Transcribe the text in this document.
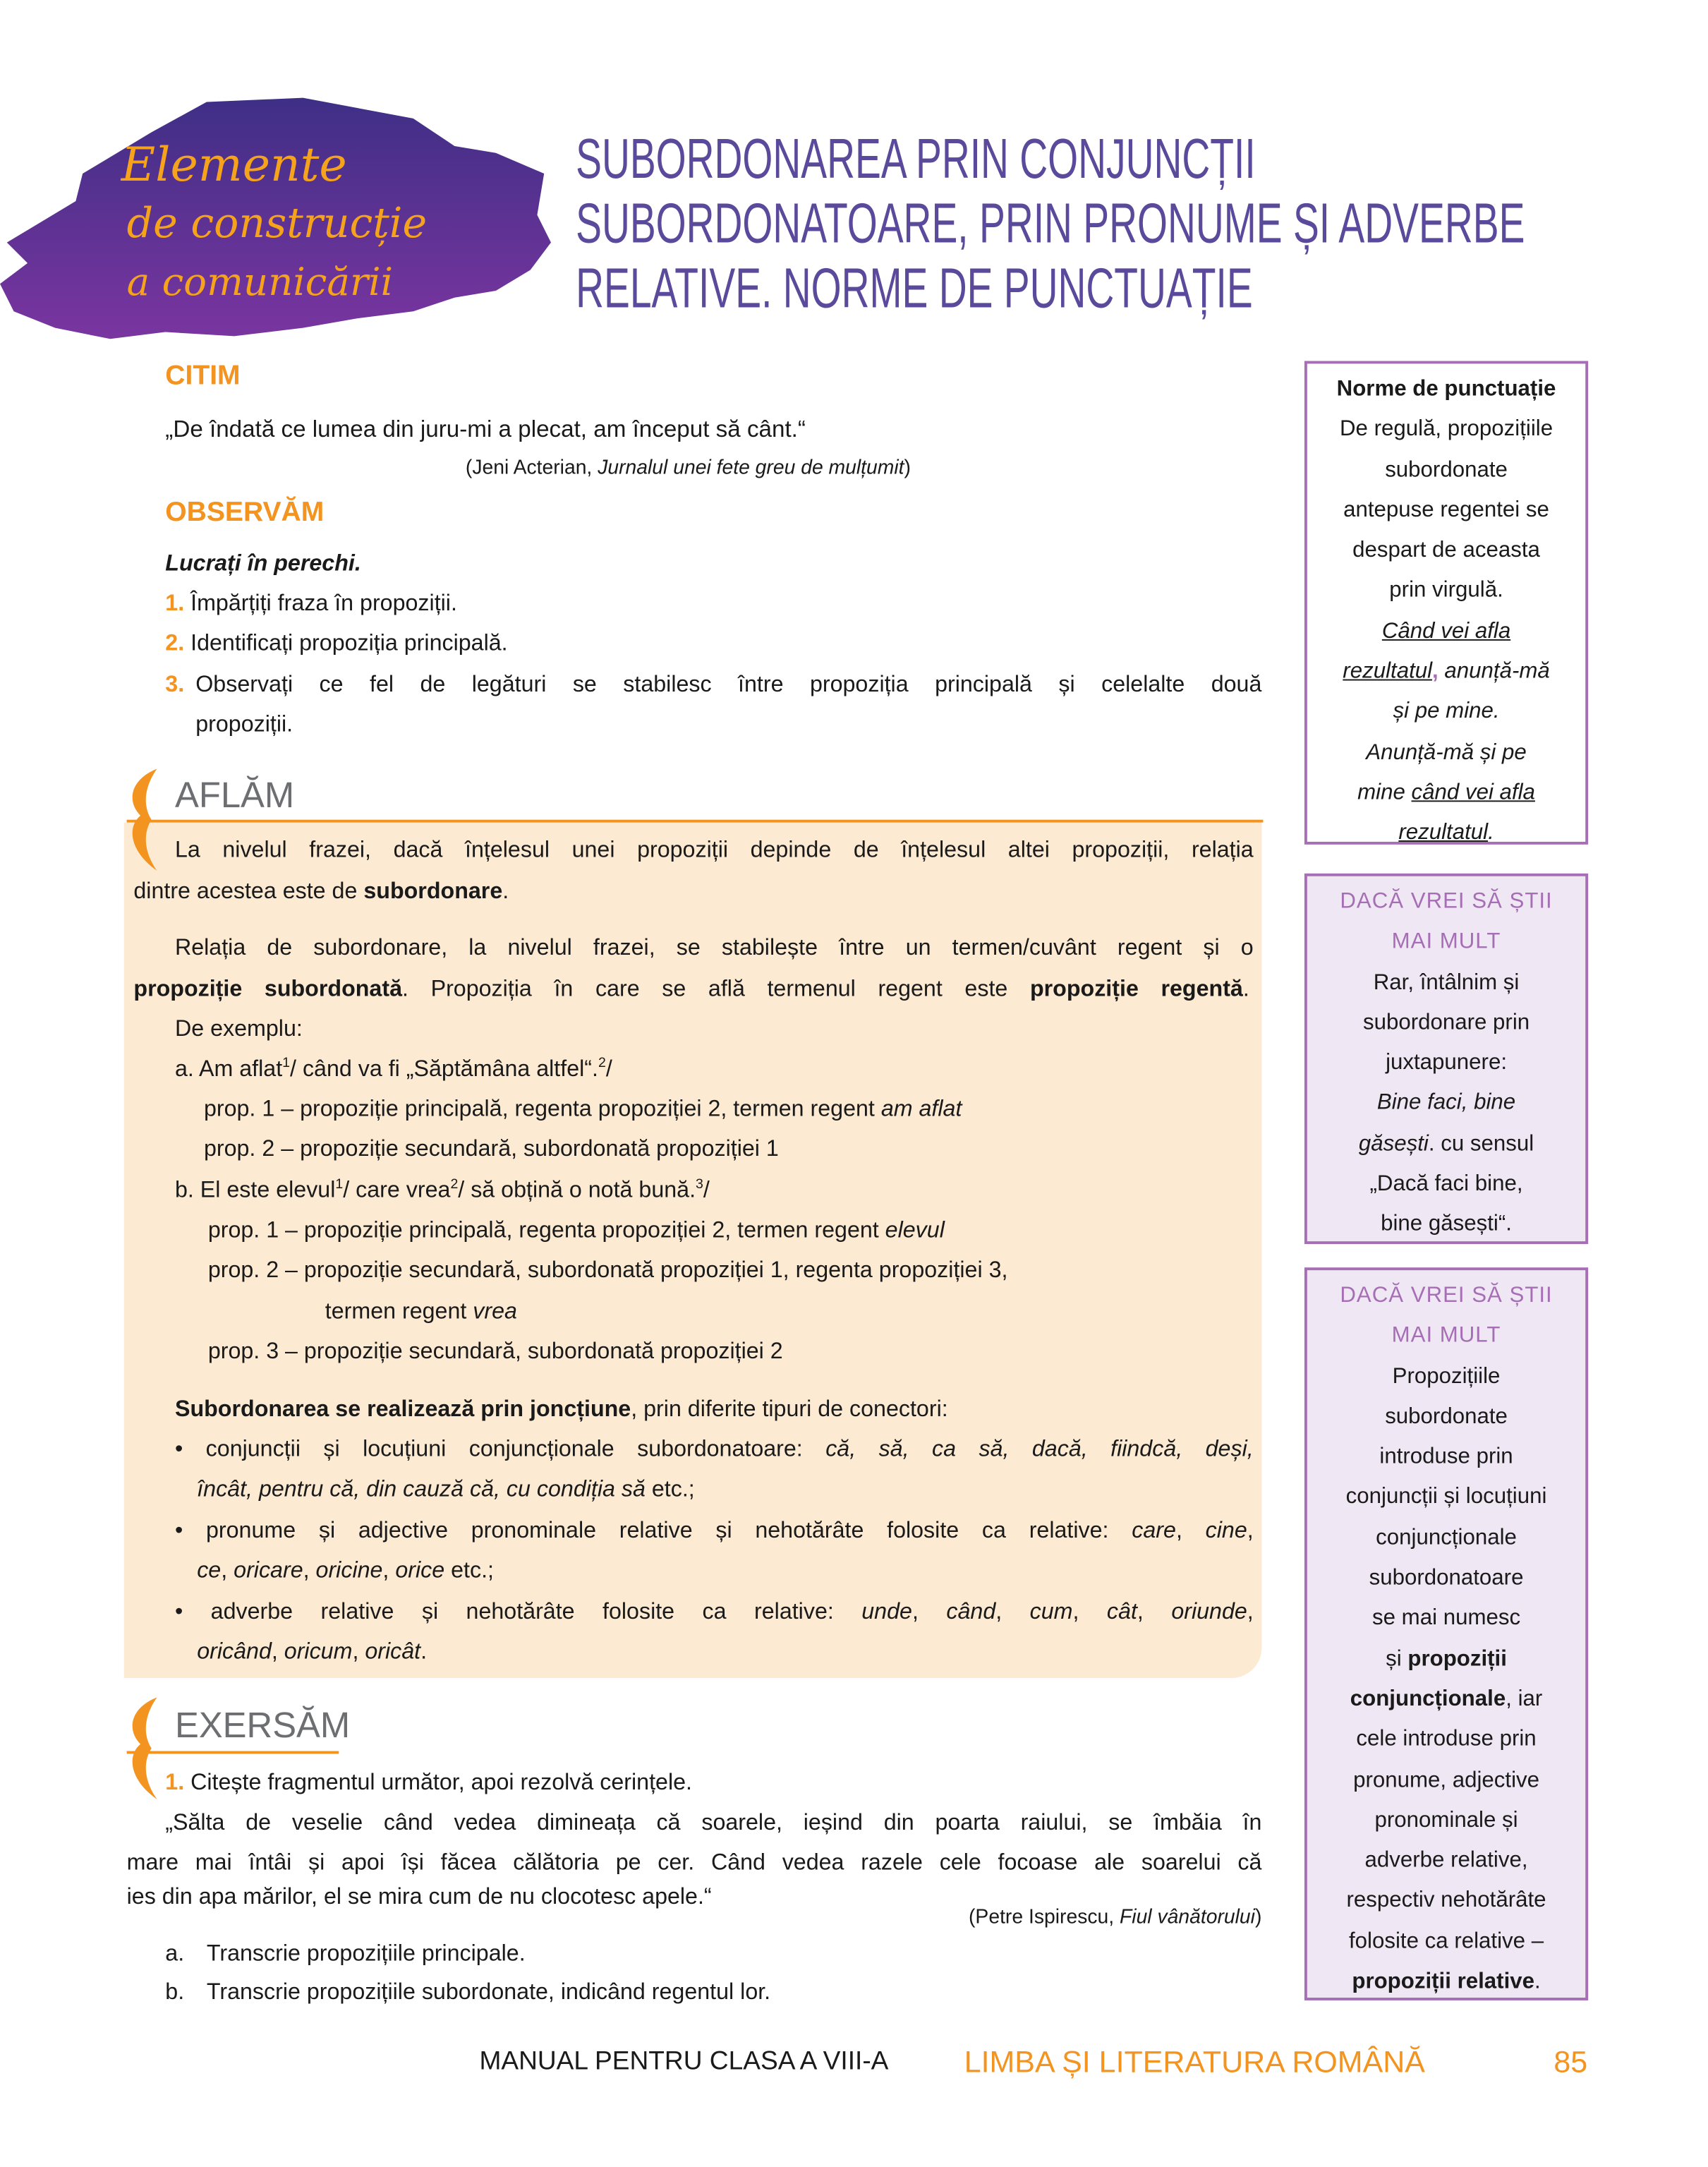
Elemente
de construcție
a comunicării
SUBORDONAREA PRIN CONJUNCȚII
SUBORDONATOARE, PRIN PRONUME ȘI ADVERBE
RELATIVE. NORME DE PUNCTUAȚIE
CITIM
„De îndată ce lumea din juru-mi a plecat, am început să cânt.“
(Jeni Acterian, Jurnalul unei fete greu de mulțumit)
OBSERVĂM
Lucrați în perechi.
1. Împărțiți fraza în propoziții.
2. Identificați propoziția principală.
3. Observați ce fel de legături se stabilesc între propoziția principală și celelalte două
propoziții.
AFLĂM
La nivelul frazei, dacă înțelesul unei propoziții depinde de înțelesul altei propoziții, relația
dintre acestea este de subordonare.
Relația de subordonare, la nivelul frazei, se stabilește între un termen/cuvânt regent și o
propoziție subordonată. Propoziția în care se află termenul regent este propoziție regentă.
De exemplu:
a. Am aflat$^1$/ când va fi „Săptămâna altfel“.$^2$/
prop. 1 – propoziție principală, regenta propoziției 2, termen regent am aflat
prop. 2 – propoziție secundară, subordonată propoziției 1
b. El este elevul$^1$/ care vrea$^2$/ să obțină o notă bună.$^3$/
prop. 1 – propoziție principală, regenta propoziției 2, termen regent elevul
prop. 2 – propoziție secundară, subordonată propoziției 1, regenta propoziției 3,
termen regent vrea
prop. 3 – propoziție secundară, subordonată propoziției 2
Subordonarea se realizează prin joncțiune, prin diferite tipuri de conectori:
• conjuncții și locuțiuni conjuncționale subordonatoare: că, să, ca să, dacă, fiindcă, deși,
încât, pentru că, din cauză că, cu condiția să etc.;
• pronume și adjective pronominale relative și nehotărâte folosite ca relative: care, cine,
ce, oricare, oricine, orice etc.;
• adverbe relative și nehotărâte folosite ca relative: unde, când, cum, cât, oriunde,
oricând, oricum, oricât.
EXERSĂM
1. Citește fragmentul următor, apoi rezolvă cerințele.
„Sălta de veselie când vedea dimineața că soarele, ieșind din poarta raiului, se îmbăia în
mare mai întâi și apoi își făcea călătoria pe cer. Când vedea razele cele focoase ale soarelui că
ies din apa mărilor, el se mira cum de nu clocotesc apele.“
(Petre Ispirescu, Fiul vânătorului)
a. Transcrie propozițiile principale.
b. Transcrie propozițiile subordonate, indicând regentul lor.
Norme de punctuație
De regulă, propozițiile
subordonate
antepuse regentei se
despart de aceasta
prin virgulă.
Când vei afla
rezultatul, anunță-mă
și pe mine.
Anunță-mă și pe
mine când vei afla
rezultatul.
DACĂ VREI SĂ ȘTII
MAI MULT
Rar, întâlnim și
subordonare prin
juxtapunere:
Bine faci, bine
găsești. cu sensul
„Dacă faci bine,
bine găsești“.
DACĂ VREI SĂ ȘTII
MAI MULT
Propozițiile
subordonate
introduse prin
conjuncții și locuțiuni
conjuncționale
subordonatoare
se mai numesc
și propoziții
conjuncționale, iar
cele introduse prin
pronume, adjective
pronominale și
adverbe relative,
respectiv nehotărâte
folosite ca relative –
propoziții relative.
MANUAL PENTRU CLASA A VIII-A	LIMBA ȘI LITERATURA ROMÂNĂ	85
